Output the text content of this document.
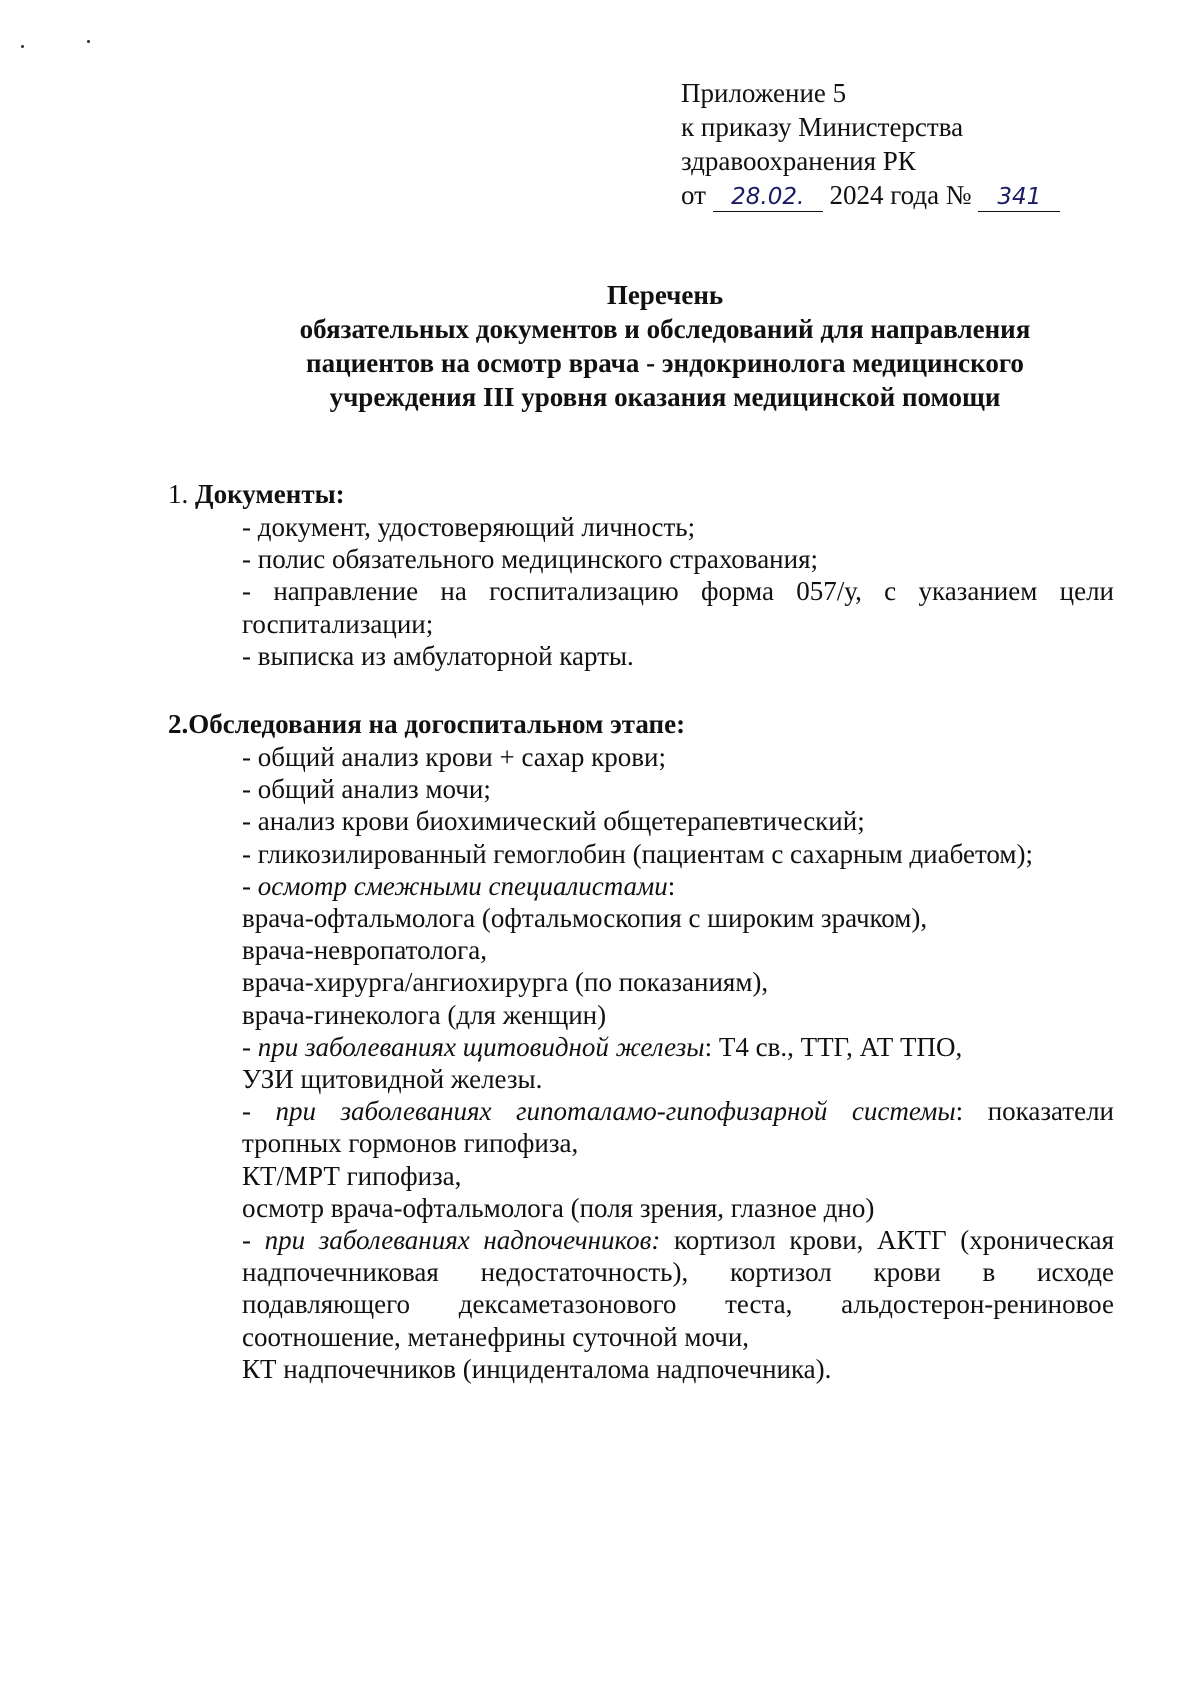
Приложение 5
к приказу Министерства
здравоохранения РК
от 28.02. 2024 года № 341
Перечень
обязательных документов и обследований для направления
пациентов на осмотр врача - эндокринолога медицинского
учреждения III уровня оказания медицинской помощи
1. Документы:
- документ, удостоверяющий личность;
- полис обязательного медицинского страхования;
- направление на госпитализацию форма 057/у, с указанием цели
госпитализации;
- выписка из амбулаторной карты.
2.Обследования на догоспитальном этапе:
- общий анализ крови + сахар крови;
- общий анализ мочи;
- анализ крови биохимический общетерапевтический;
- гликозилированный гемоглобин (пациентам с сахарным диабетом);
- осмотр смежными специалистами:
врача-офтальмолога (офтальмоскопия с широким зрачком),
врача-невропатолога,
врача-хирурга/ангиохирурга (по показаниям),
врача-гинеколога (для женщин)
- при заболеваниях щитовидной железы: Т4 св., ТТГ, АТ ТПО,
УЗИ щитовидной железы.
- при заболеваниях гипоталамо-гипофизарной системы: показатели
тропных гормонов гипофиза,
КТ/МРТ гипофиза,
осмотр врача-офтальмолога (поля зрения, глазное дно)
- при заболеваниях надпочечников: кортизол крови, АКТГ (хроническая
надпочечниковая недостаточность), кортизол крови в исходе
подавляющего дексаметазонового теста, альдостерон-рениновое
соотношение, метанефрины суточной мочи,
КТ надпочечников (инциденталома надпочечника).
